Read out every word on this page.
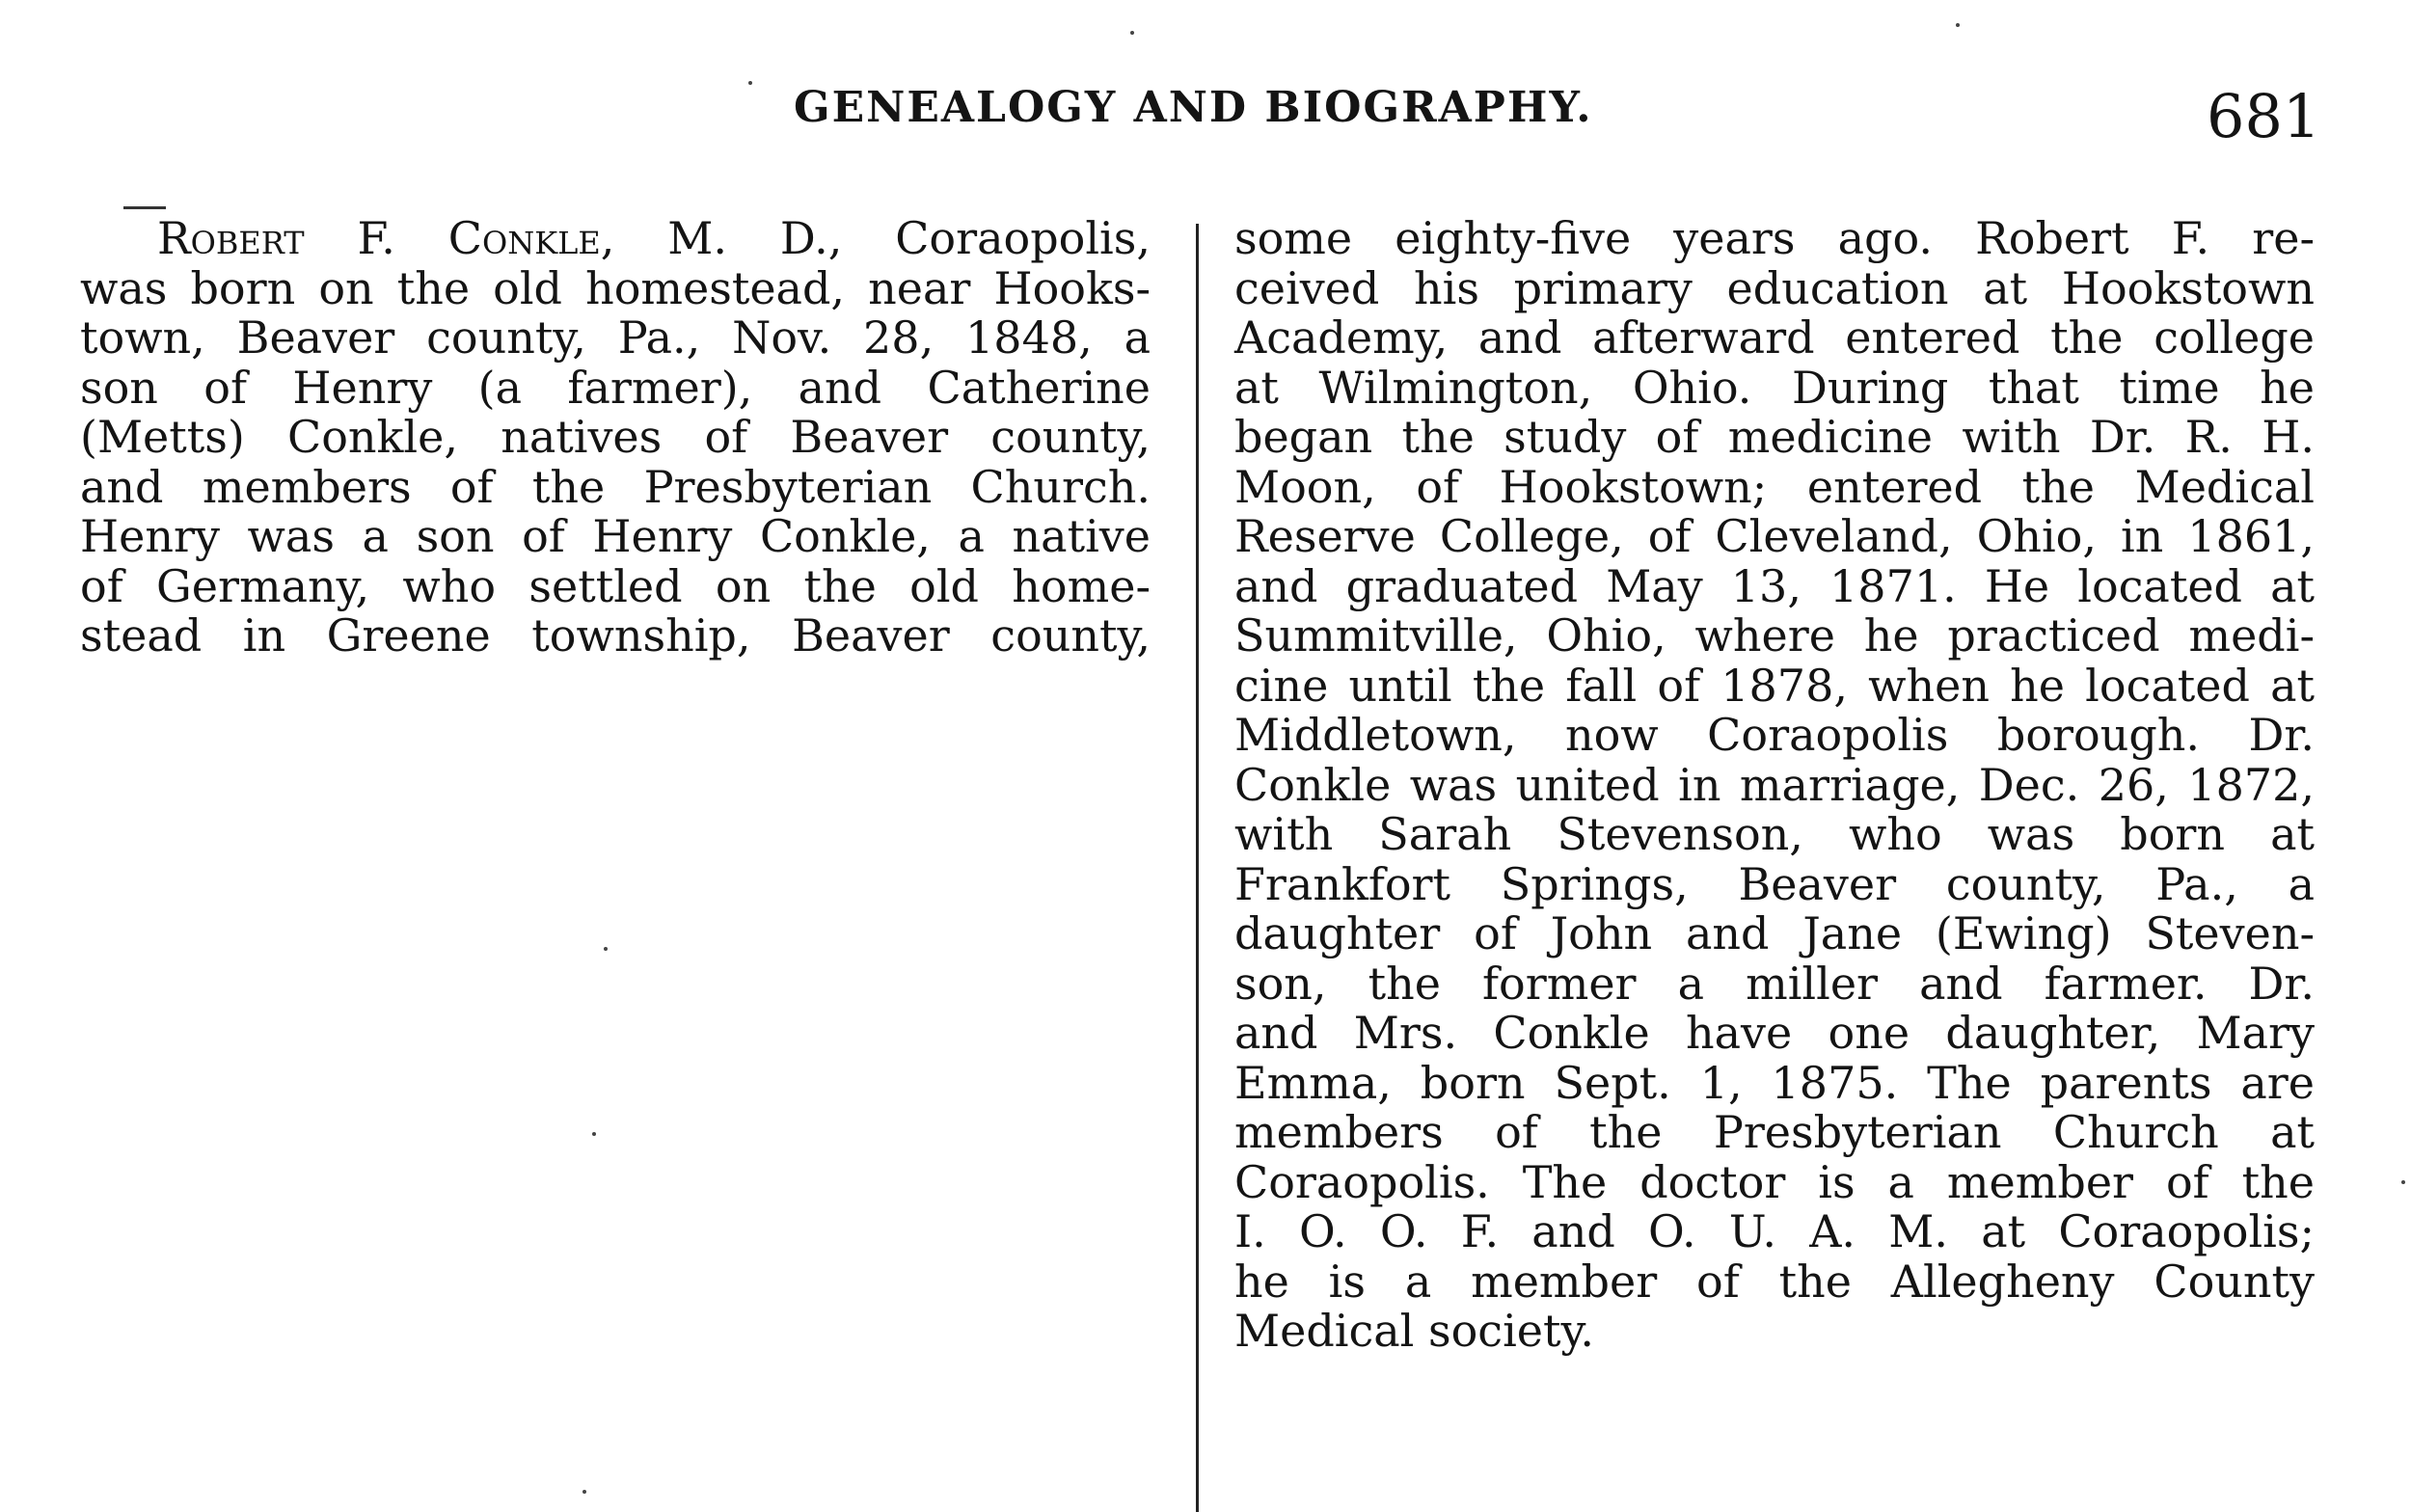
GENEALOGY AND BIOGRAPHY.	681
Robert F. Conkle, M. D., Coraopolis,
was born on the old homestead, near Hooks-
town, Beaver county, Pa., Nov. 28, 1848, a
son of Henry (a farmer), and Catherine
(Metts) Conkle, natives of Beaver county,
and members of the Presbyterian Church.
Henry was a son of Henry Conkle, a native
of Germany, who settled on the old home-
stead in Greene township, Beaver county,
some eighty-five years ago. Robert F. re-
ceived his primary education at Hookstown
Academy, and afterward entered the college
at Wilmington, Ohio. During that time he
began the study of medicine with Dr. R. H.
Moon, of Hookstown; entered the Medical
Reserve College, of Cleveland, Ohio, in 1861,
and graduated May 13, 1871. He located at
Summitville, Ohio, where he practiced medi-
cine until the fall of 1878, when he located at
Middletown, now Coraopolis borough. Dr.
Conkle was united in marriage, Dec. 26, 1872,
with Sarah Stevenson, who was born at
Frankfort Springs, Beaver county, Pa., a
daughter of John and Jane (Ewing) Steven-
son, the former a miller and farmer. Dr.
and Mrs. Conkle have one daughter, Mary
Emma, born Sept. 1, 1875. The parents are
members of the Presbyterian Church at
Coraopolis. The doctor is a member of the
I. O. O. F. and O. U. A. M. at Coraopolis;
he is a member of the Allegheny County
Medical society.
